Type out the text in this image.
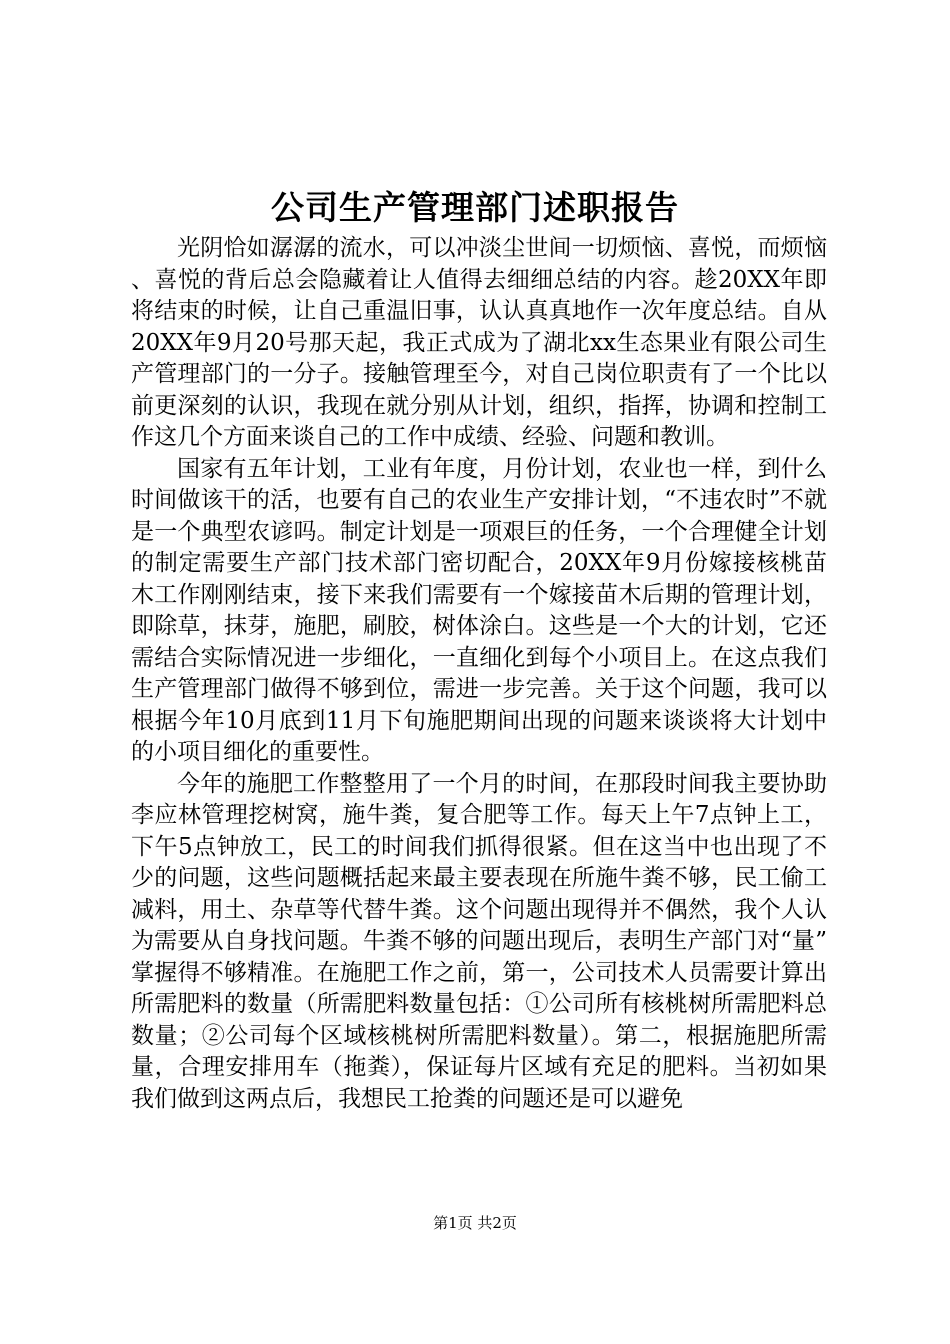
公司生产管理部门述职报告

光阴恰如潺潺的流水，可以冲淡尘世间一切烦恼、喜悦，而烦恼、喜悦的背后总会隐藏着让人值得去细细总结的内容。趁20XX年即将结束的时候，让自己重温旧事，认认真真地作一次年度总结。自从20XX年9月20号那天起，我正式成为了湖北xx生态果业有限公司生产管理部门的一分子。接触管理至今，对自己岗位职责有了一个比以前更深刻的认识，我现在就分别从计划，组织，指挥，协调和控制工作这几个方面来谈自己的工作中成绩、经验、问题和教训。

国家有五年计划，工业有年度，月份计划，农业也一样，到什么时间做该干的活，也要有自己的农业生产安排计划，“不违农时”不就是一个典型农谚吗。制定计划是一项艰巨的任务，一个合理健全计划的制定需要生产部门技术部门密切配合，20XX年9月份嫁接核桃苗木工作刚刚结束，接下来我们需要有一个嫁接苗木后期的管理计划，即除草，抹芽，施肥，刷胶，树体涂白。这些是一个大的计划，它还需结合实际情况进一步细化，一直细化到每个小项目上。在这点我们生产管理部门做得不够到位，需进一步完善。关于这个问题，我可以根据今年10月底到11月下旬施肥期间出现的问题来谈谈将大计划中的小项目细化的重要性。

今年的施肥工作整整用了一个月的时间，在那段时间我主要协助李应林管理挖树窝，施牛粪，复合肥等工作。每天上午7点钟上工，下午5点钟放工，民工的时间我们抓得很紧。但在这当中也出现了不少的问题，这些问题概括起来最主要表现在所施牛粪不够，民工偷工减料，用土、杂草等代替牛粪。这个问题出现得并不偶然，我个人认为需要从自身找问题。牛粪不够的问题出现后，表明生产部门对“量”掌握得不够精准。在施肥工作之前，第一，公司技术人员需要计算出所需肥料的数量（所需肥料数量包括：①公司所有核桃树所需肥料总数量；②公司每个区域核桃树所需肥料数量）。第二，根据施肥所需量，合理安排用车（拖粪），保证每片区域有充足的肥料。当初如果我们做到这两点后，我想民工抢粪的问题还是可以避免

第1页 共2页
